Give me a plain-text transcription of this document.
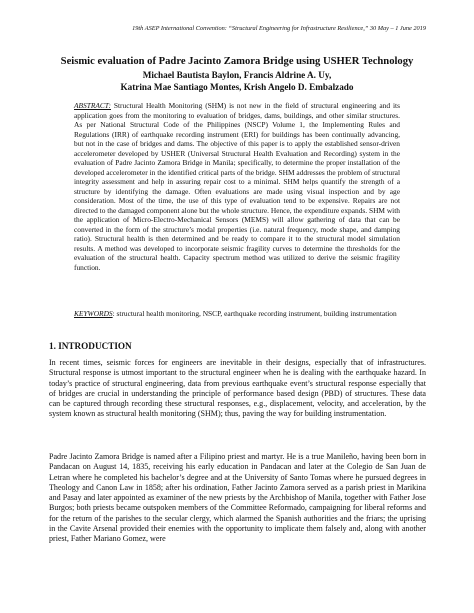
19th ASEP International Convention: “Structural Engineering for Infrastructure Resilience,” 30 May – 1 June 2019
Seismic evaluation of Padre Jacinto Zamora Bridge using USHER Technology
Michael Bautista Baylon, Francis Aldrine A. Uy,
Katrina Mae Santiago Montes, Krish Angelo D. Embalzado
ABSTRACT: Structural Health Monitoring (SHM) is not new in the field of structural engineering and its application goes from the monitoring to evaluation of bridges, dams, buildings, and other similar structures. As per National Structural Code of the Philippines (NSCP) Volume 1, the Implementing Rules and Regulations (IRR) of earthquake recording instrument (ERI) for buildings has been continually advancing, but not in the case of bridges and dams. The objective of this paper is to apply the established sensor-driven accelerometer developed by USHER (Universal Structural Health Evaluation and Recording) system in the evaluation of Padre Jacinto Zamora Bridge in Manila; specifically, to determine the proper installation of the developed accelerometer in the identified critical parts of the bridge. SHM addresses the problem of structural integrity assessment and help in assuring repair cost to a minimal. SHM helps quantify the strength of a structure by identifying the damage. Often evaluations are made using visual inspection and by age consideration. Most of the time, the use of this type of evaluation tend to be expensive. Repairs are not directed to the damaged component alone but the whole structure. Hence, the expenditure expands. SHM with the application of Micro-Electro-Mechanical Sensors (MEMS) will allow gathering of data that can be converted in the form of the structure’s modal properties (i.e. natural frequency, mode shape, and damping ratio). Structural health is then determined and be ready to compare it to the structural model simulation results. A method was developed to incorporate seismic fragility curves to determine the thresholds for the evaluation of the structural health. Capacity spectrum method was utilized to derive the seismic fragility function.
KEYWORDS: structural health monitoring, NSCP, earthquake recording instrument, building instrumentation
1. INTRODUCTION
In recent times, seismic forces for engineers are inevitable in their designs, especially that of infrastructures. Structural response is utmost important to the structural engineer when he is dealing with the earthquake hazard. In today’s practice of structural engineering, data from previous earthquake event’s structural response especially that of bridges are crucial in understanding the principle of performance based design (PBD) of structures. These data can be captured through recording these structural responses, e.g., displacement, velocity, and acceleration, by the system known as structural health monitoring (SHM); thus, paving the way for building instrumentation.
Padre Jacinto Zamora Bridge is named after a Filipino priest and martyr. He is a true Manileño, having been born in Pandacan on August 14, 1835, receiving his early education in Pandacan and later at the Colegio de San Juan de Letran where he completed his bachelor’s degree and at the University of Santo Tomas where he pursued degrees in Theology and Canon Law in 1858; after his ordination, Father Jacinto Zamora served as a parish priest in Marikina and Pasay and later appointed as examiner of the new priests by the Archbishop of Manila, together with Father Jose Burgos; both priests became outspoken members of the Committee Reformado, campaigning for liberal reforms and for the return of the parishes to the secular clergy, which alarmed the Spanish authorities and the friars; the uprising in the Cavite Arsenal provided their enemies with the opportunity to implicate them falsely and, along with another priest, Father Mariano Gomez, were
